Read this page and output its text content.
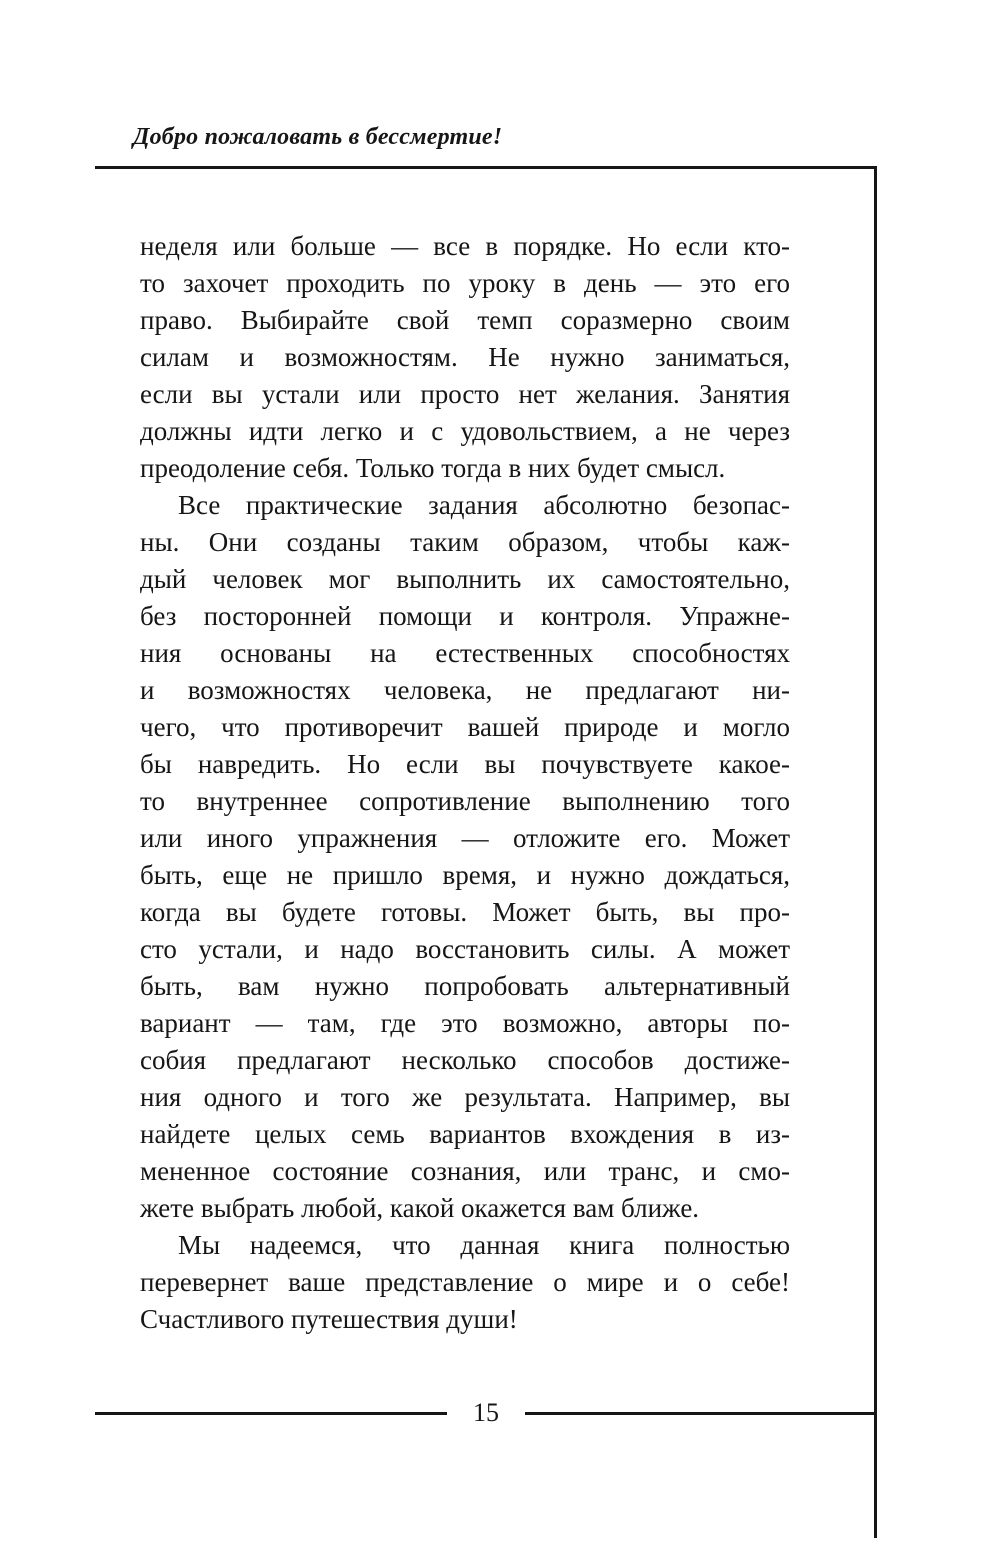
Добро пожаловать в бессмертие!
неделя или больше — все в порядке. Но если кто-
то захочет проходить по уроку в день — это его
право. Выбирайте свой темп соразмерно своим
силам и возможностям. Не нужно заниматься,
если вы устали или просто нет желания. Занятия
должны идти легко и с удовольствием, а не через
преодоление себя. Только тогда в них будет смысл.
Все практические задания абсолютно безопас-
ны. Они созданы таким образом, чтобы каж-
дый человек мог выполнить их самостоятельно,
без посторонней помощи и контроля. Упражне-
ния основаны на естественных способностях
и возможностях человека, не предлагают ни-
чего, что противоречит вашей природе и могло
бы навредить. Но если вы почувствуете какое-
то внутреннее сопротивление выполнению того
или иного упражнения — отложите его. Может
быть, еще не пришло время, и нужно дождаться,
когда вы будете готовы. Может быть, вы про-
сто устали, и надо восстановить силы. А может
быть, вам нужно попробовать альтернативный
вариант — там, где это возможно, авторы по-
собия предлагают несколько способов достиже-
ния одного и того же результата. Например, вы
найдете целых семь вариантов вхождения в из-
мененное состояние сознания, или транс, и смо-
жете выбрать любой, какой окажется вам ближе.
Мы надеемся, что данная книга полностью
перевернет ваше представление о мире и о себе!
Счастливого путешествия души!
15
